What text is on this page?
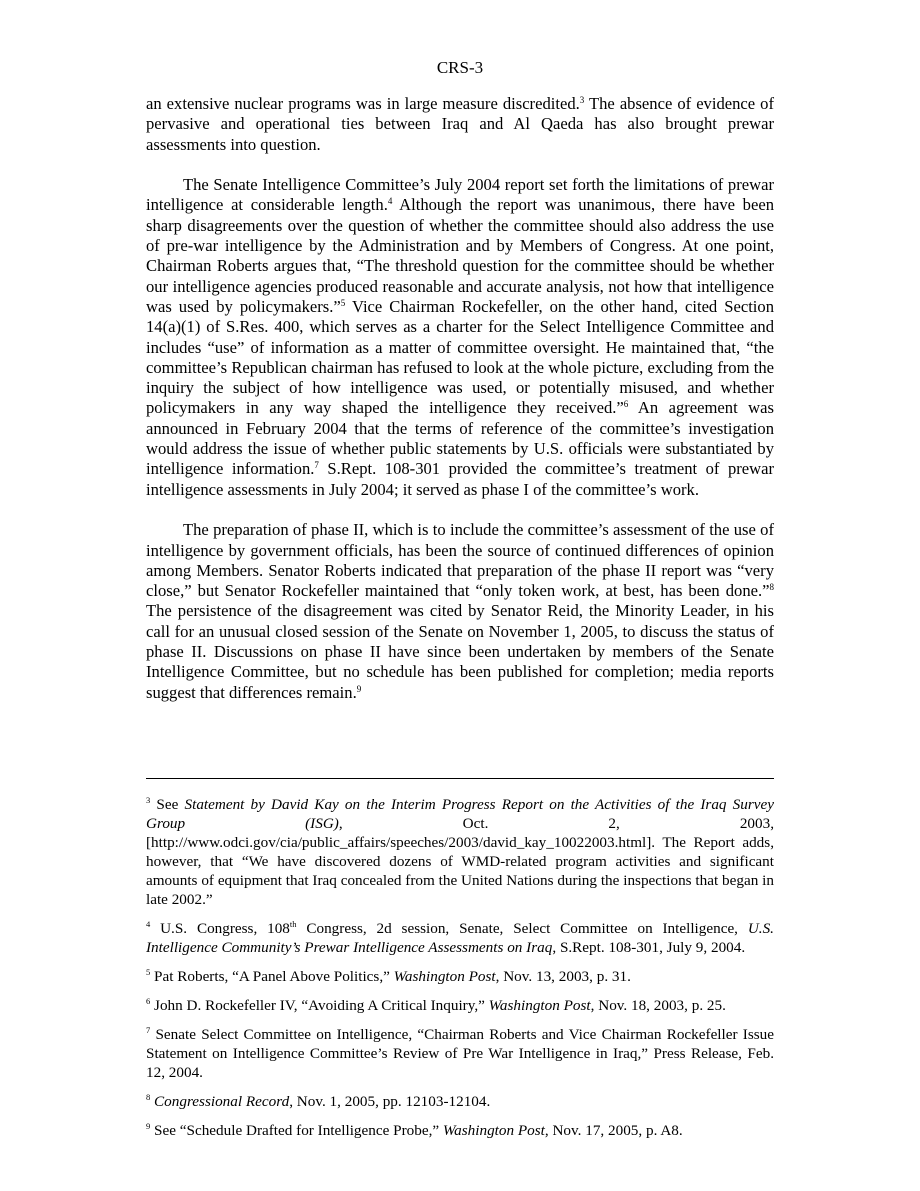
CRS-3

an extensive nuclear programs was in large measure discredited.$^3$ The absence of evidence of pervasive and operational ties between Iraq and Al Qaeda has also brought prewar assessments into question.

The Senate Intelligence Committee’s July 2004 report set forth the limitations of prewar intelligence at considerable length.$^4$ Although the report was unanimous, there have been sharp disagreements over the question of whether the committee should also address the use of pre-war intelligence by the Administration and by Members of Congress. At one point, Chairman Roberts argues that, “The threshold question for the committee should be whether our intelligence agencies produced reasonable and accurate analysis, not how that intelligence was used by policymakers.”$^5$ Vice Chairman Rockefeller, on the other hand, cited Section 14(a)(1) of S.Res. 400, which serves as a charter for the Select Intelligence Committee and includes “use” of information as a matter of committee oversight. He maintained that, “the committee’s Republican chairman has refused to look at the whole picture, excluding from the inquiry the subject of how intelligence was used, or potentially misused, and whether policymakers in any way shaped the intelligence they received.”$^6$ An agreement was announced in February 2004 that the terms of reference of the committee’s investigation would address the issue of whether public statements by U.S. officials were substantiated by intelligence information.$^7$ S.Rept. 108-301 provided the committee’s treatment of prewar intelligence assessments in July 2004; it served as phase I of the committee’s work.

The preparation of phase II, which is to include the committee’s assessment of the use of intelligence by government officials, has been the source of continued differences of opinion among Members. Senator Roberts indicated that preparation of the phase II report was “very close,” but Senator Rockefeller maintained that “only token work, at best, has been done.”$^8$ The persistence of the disagreement was cited by Senator Reid, the Minority Leader, in his call for an unusual closed session of the Senate on November 1, 2005, to discuss the status of phase II. Discussions on phase II have since been undertaken by members of the Senate Intelligence Committee, but no schedule has been published for completion; media reports suggest that differences remain.$^9$

$^3$ See Statement by David Kay on the Interim Progress Report on the Activities of the Iraq Survey Group (ISG), Oct. 2, 2003, [http://www.odci.gov/cia/public_affairs/speeches/2003/david_kay_10022003.html]. The Report adds, however, that “We have discovered dozens of WMD-related program activities and significant amounts of equipment that Iraq concealed from the United Nations during the inspections that began in late 2002.”
$^4$ U.S. Congress, 108th Congress, 2d session, Senate, Select Committee on Intelligence, U.S. Intelligence Community’s Prewar Intelligence Assessments on Iraq, S.Rept. 108-301, July 9, 2004.
$^5$ Pat Roberts, “A Panel Above Politics,” Washington Post, Nov. 13, 2003, p. 31.
$^6$ John D. Rockefeller IV, “Avoiding A Critical Inquiry,” Washington Post, Nov. 18, 2003, p. 25.
$^7$ Senate Select Committee on Intelligence, “Chairman Roberts and Vice Chairman Rockefeller Issue Statement on Intelligence Committee’s Review of Pre War Intelligence in Iraq,” Press Release, Feb. 12, 2004.
$^8$ Congressional Record, Nov. 1, 2005, pp. 12103-12104.
$^9$ See “Schedule Drafted for Intelligence Probe,” Washington Post, Nov. 17, 2005, p. A8.
